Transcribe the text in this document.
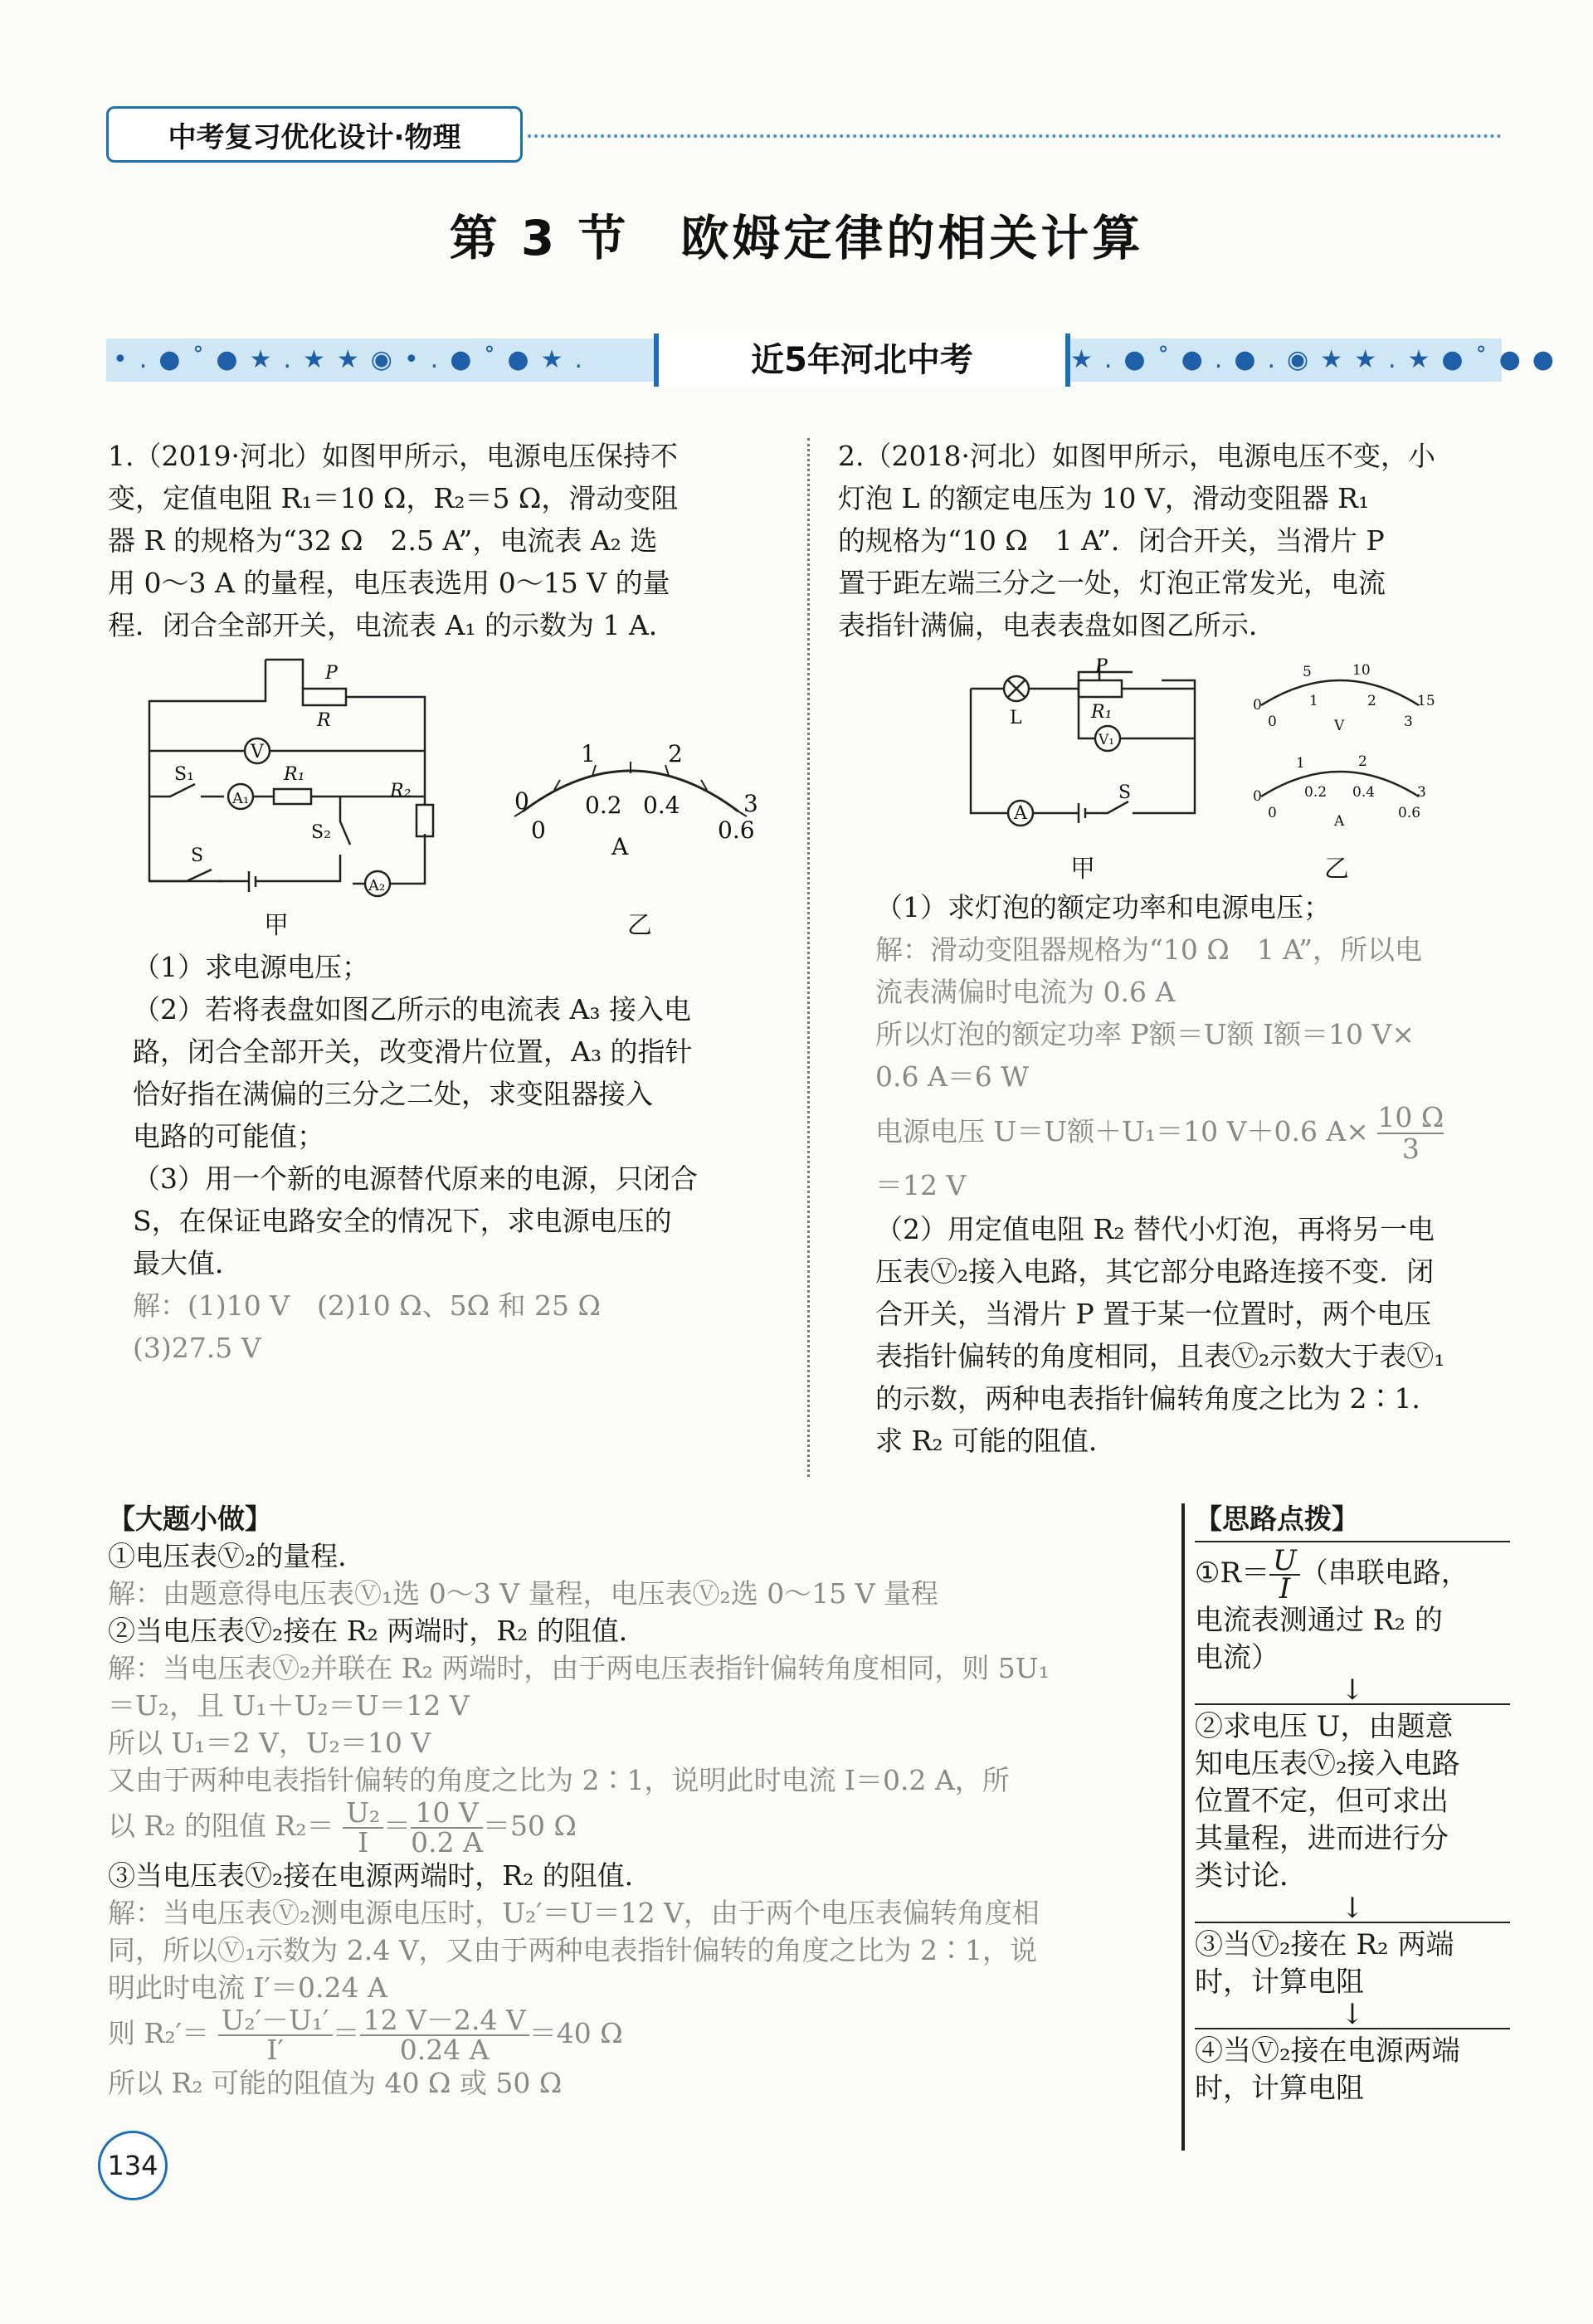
中考复习优化设计·物理
第 3 节　欧姆定律的相关计算
•.●˚●★.★★◉•.●˚●★.	近5年河北中考	★.●˚●.●.◉★★.★●˚●●

1.（2019·河北）如图甲所示，电源电压保持不

变，定值电阻 R₁＝10 Ω，R₂＝5 Ω，滑动变阻

器 R 的规格为“32 Ω　2.5 A”，电流表 A₂ 选

用 0～3 A 的量程，电压表选用 0～15 V 的量

程．闭合全部开关，电流表 A₁ 的示数为 1 A．

P
R
V
S₁
A₁
R₁
S₂
R₂
A₂
S
0
1	2
3
0
0.2 0.4
0.6
A
甲	乙

（1）求电源电压；

（2）若将表盘如图乙所示的电流表 A₃ 接入电

路，闭合全部开关，改变滑片位置，A₃ 的指针

恰好指在满偏的三分之二处，求变阻器接入

电路的可能值；

（3）用一个新的电源替代原来的电源，只闭合

S，在保证电路安全的情况下，求电源电压的

最大值．

解：(1)10 V　(2)10 Ω、5Ω 和 25 Ω

(3)27.5 V

2.（2018·河北）如图甲所示，电源电压不变，小

灯泡 L 的额定电压为 10 V，滑动变阻器 R₁

的规格为“10 Ω　1 A”．闭合开关，当滑片 P

置于距左端三分之一处，灯泡正常发光，电流

表指针满偏，电表表盘如图乙所示．

P
L	R₁
V₁
A
S
0
5	10
15
0
1	2
3
V
0
1	2
3
0
0.2 0.4
0.6
A
甲	乙

（1）求灯泡的额定功率和电源电压；

解：滑动变阻器规格为“10 Ω　1 A”，所以电

流表满偏时电流为 0.6 A

所以灯泡的额定功率 P额＝U额 I额＝10 V×

0.6 A＝6 W

电源电压 U＝U额＋U₁＝10 V＋0.6 $A\times \frac{10 \Omega}{3}$

＝12 V

（2）用定值电阻 R₂ 替代小灯泡，再将另一电

压表Ⓥ₂接入电路，其它部分电路连接不变．闭

合开关，当滑片 P 置于某一位置时，两个电压

表指针偏转的角度相同，且表Ⓥ₂示数大于表Ⓥ₁

的示数，两种电表指针偏转角度之比为 2∶1．

求 R₂ 可能的阻值．

【大题小做】

①电压表Ⓥ₂的量程．

解：由题意得电压表Ⓥ₁选 0～3 V 量程，电压表Ⓥ₂选 0～15 V 量程

②当电压表Ⓥ₂接在 R₂ 两端时，R₂ 的阻值．

解：当电压表Ⓥ₂并联在 R₂ 两端时，由于两电压表指针偏转角度相同，则 5U₁

＝U₂，且 U₁＋U₂＝U＝12 V

所以 U₁＝2 V，U₂＝10 V

又由于两种电表指针偏转的角度之比为 2∶1，说明此时电流 I＝0.2 A，所

以 R₂ 的阻值 $R_2= \frac{\text{U₂}}{I} = \frac{10 V}{0.2 A} =50$ Ω

③当电压表Ⓥ₂接在电源两端时，R₂ 的阻值．

解：当电压表Ⓥ₂测电源电压时，U₂′＝U＝12 V，由于两个电压表偏转角度相

同，所以Ⓥ₁示数为 2.4 V，又由于两种电表指针偏转的角度之比为 2∶1，说

明此时电流 I′＝0.24 A

则 $R_2'= \frac{\text{U₂′－U₁′}}{I'} = \frac{12 V-2.4 V}{0.24 A} =40$ Ω

所以 R₂ 可能的阻值为 40 Ω 或 50 Ω

【思路点拨】

①R＝ $\frac{U}{I}$ （串联电路，

电流表测通过 R₂ 的

电流）

↓

②求电压 U，由题意

知电压表Ⓥ₂接入电路

位置不定，但可求出

其量程，进而进行分

类讨论．

↓

③当Ⓥ₂接在 R₂ 两端

时，计算电阻

↓

④当Ⓥ₂接在电源两端

时，计算电阻

134
